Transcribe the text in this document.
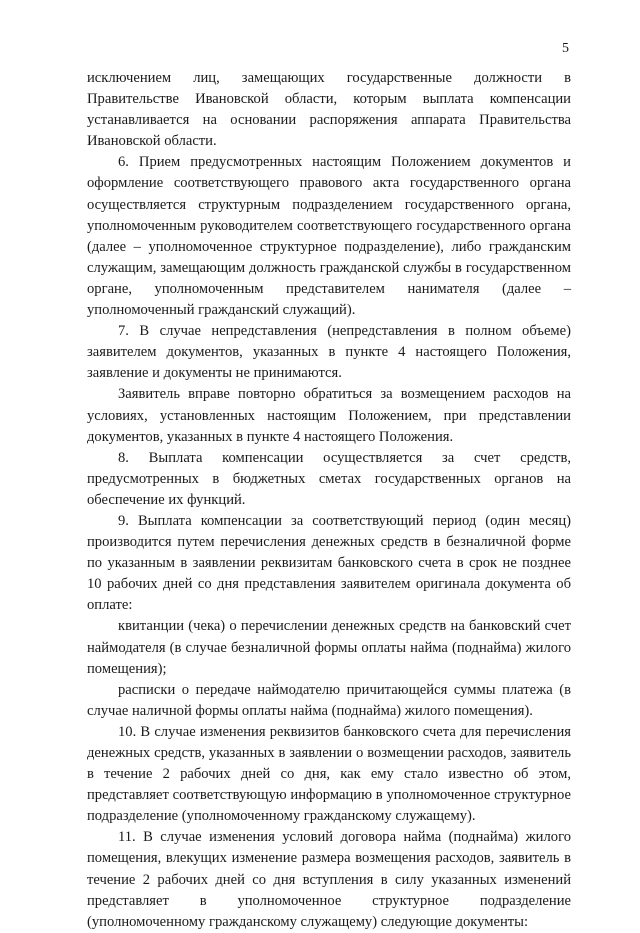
5

исключением лиц, замещающих государственные должности в Правительстве Ивановской области, которым выплата компенсации устанавливается на основании распоряжения аппарата Правительства Ивановской области.

6. Прием предусмотренных настоящим Положением документов и оформление соответствующего правового акта государственного органа осуществляется структурным подразделением государственного органа, уполномоченным руководителем соответствующего государственного органа (далее – уполномоченное структурное подразделение), либо гражданским служащим, замещающим должность гражданской службы в государственном органе, уполномоченным представителем нанимателя (далее – уполномоченный гражданский служащий).

7. В случае непредставления (непредставления в полном объеме) заявителем документов, указанных в пункте 4 настоящего Положения, заявление и документы не принимаются.

Заявитель вправе повторно обратиться за возмещением расходов на условиях, установленных настоящим Положением, при представлении документов, указанных в пункте 4 настоящего Положения.

8. Выплата компенсации осуществляется за счет средств, предусмотренных в бюджетных сметах государственных органов на обеспечение их функций.

9. Выплата компенсации за соответствующий период (один месяц) производится путем перечисления денежных средств в безналичной форме по указанным в заявлении реквизитам банковского счета в срок не позднее 10 рабочих дней со дня представления заявителем оригинала документа об оплате:

квитанции (чека) о перечислении денежных средств на банковский счет наймодателя (в случае безналичной формы оплаты найма (поднайма) жилого помещения);

расписки о передаче наймодателю причитающейся суммы платежа (в случае наличной формы оплаты найма (поднайма) жилого помещения).

10. В случае изменения реквизитов банковского счета для перечисления денежных средств, указанных в заявлении о возмещении расходов, заявитель в течение 2 рабочих дней со дня, как ему стало известно об этом, представляет соответствующую информацию в уполномоченное структурное подразделение (уполномоченному гражданскому служащему).

11. В случае изменения условий договора найма (поднайма) жилого помещения, влекущих изменение размера возмещения расходов, заявитель в течение 2 рабочих дней со дня вступления в силу указанных изменений представляет в уполномоченное структурное подразделение (уполномоченному гражданскому служащему) следующие документы:
